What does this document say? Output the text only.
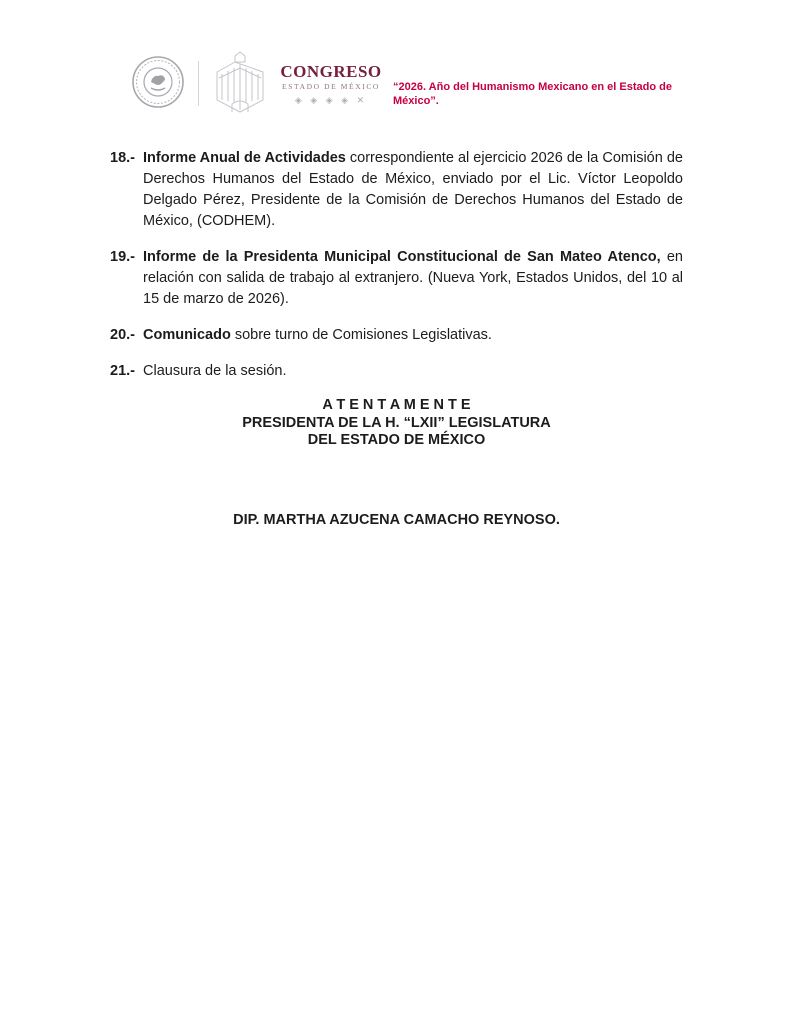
CONGRESO
ESTADO DE MÉXICO
◈ ◈ ◈ ◈ ✕
“2026. Año del Humanismo Mexicano en el Estado de México”.
18.- Informe Anual de Actividades correspondiente al ejercicio 2026 de la Comisión de Derechos Humanos del Estado de México, enviado por el Lic. Víctor Leopoldo Delgado Pérez, Presidente de la Comisión de Derechos Humanos del Estado de México, (CODHEM).
19.- Informe de la Presidenta Municipal Constitucional de San Mateo Atenco, en relación con salida de trabajo al extranjero. (Nueva York, Estados Unidos, del 10 al 15 de marzo de 2026).
20.- Comunicado sobre turno de Comisiones Legislativas.
21.- Clausura de la sesión.
A T E N T A M E N T E
PRESIDENTA DE LA H. “LXII” LEGISLATURA
DEL ESTADO DE MÉXICO
DIP. MARTHA AZUCENA CAMACHO REYNOSO.
